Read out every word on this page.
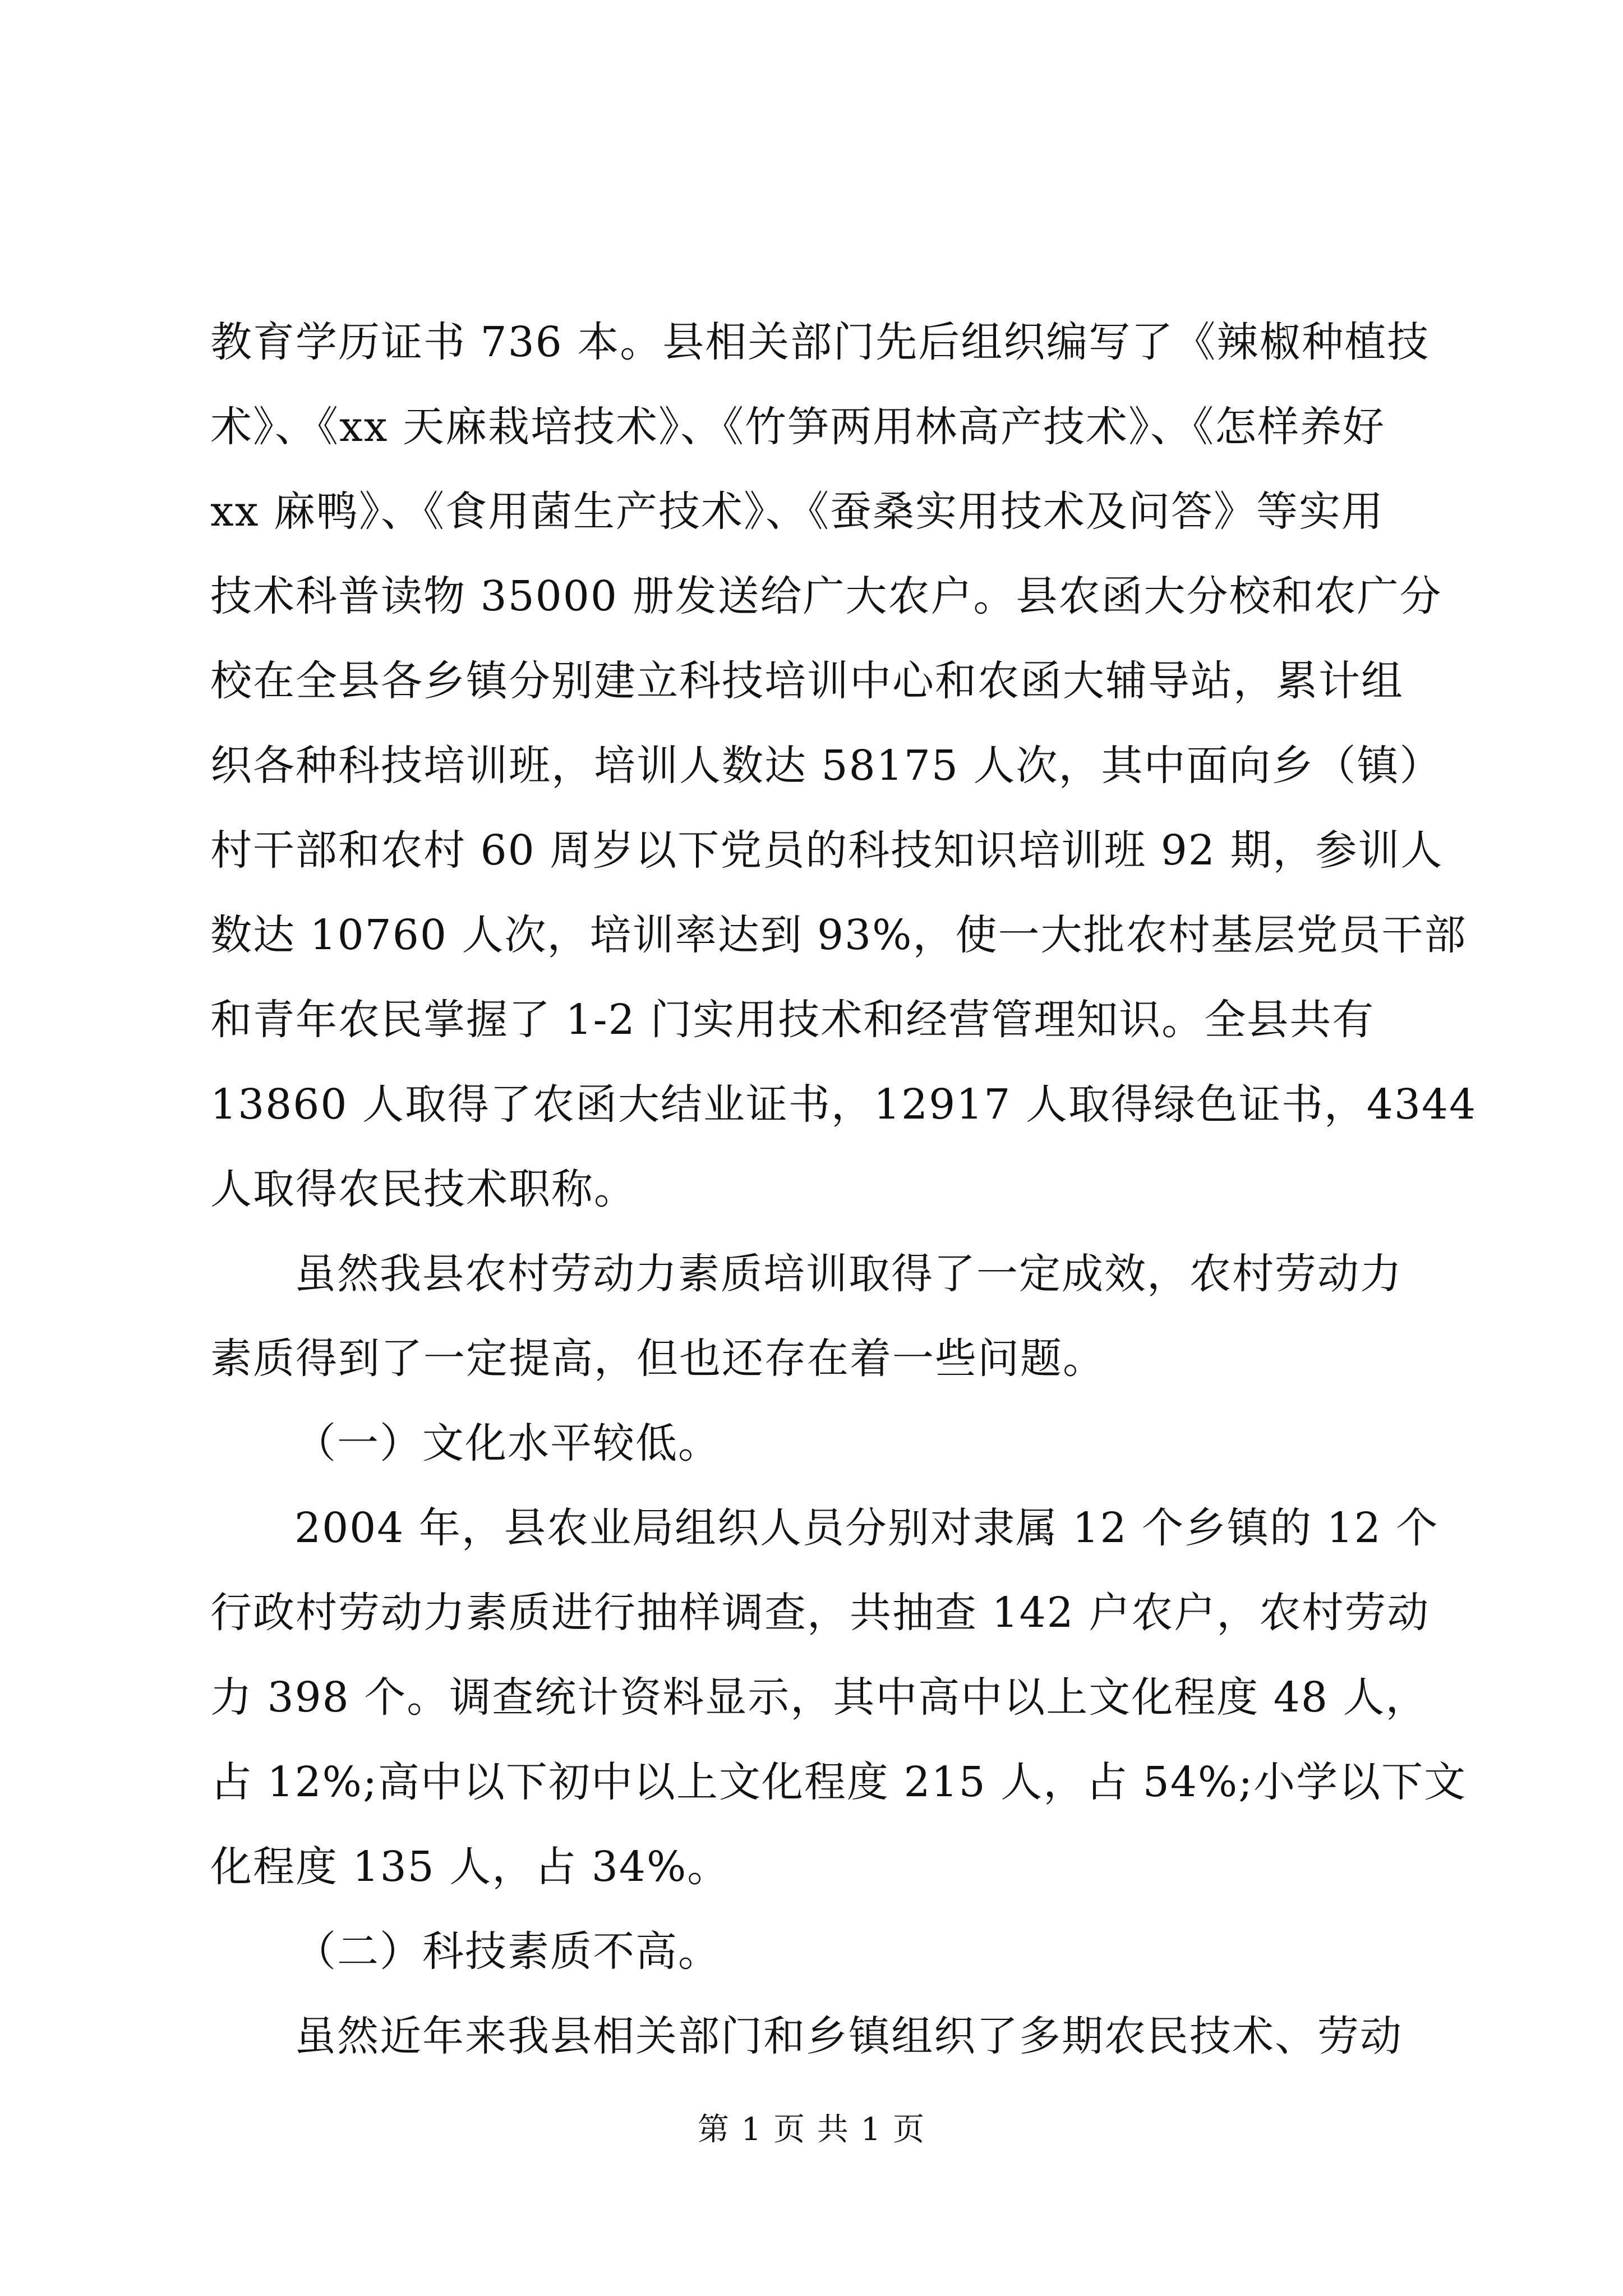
教育学历证书 736 本。县相关部门先后组织编写了《辣椒种植技
术》、《xx 天麻栽培技术》、《竹笋两用林高产技术》、《怎样养好
xx 麻鸭》、《食用菌生产技术》、《蚕桑实用技术及问答》等实用
技术科普读物 35000 册发送给广大农户。县农函大分校和农广分
校在全县各乡镇分别建立科技培训中心和农函大辅导站，累计组
织各种科技培训班，培训人数达 58175 人次，其中面向乡（镇）
村干部和农村 60 周岁以下党员的科技知识培训班 92 期，参训人
数达 10760 人次，培训率达到 93%，使一大批农村基层党员干部
和青年农民掌握了 1-2 门实用技术和经营管理知识。全县共有
13860 人取得了农函大结业证书，12917 人取得绿色证书，4344
人取得农民技术职称。
虽然我县农村劳动力素质培训取得了一定成效，农村劳动力
素质得到了一定提高，但也还存在着一些问题。
（一）文化水平较低。
2004 年，县农业局组织人员分别对隶属 12 个乡镇的 12 个
行政村劳动力素质进行抽样调查，共抽查 142 户农户，农村劳动
力 398 个。调查统计资料显示，其中高中以上文化程度 48 人，
占 12%;高中以下初中以上文化程度 215 人，占 54%;小学以下文
化程度 135 人，占 34%。
（二）科技素质不高。
虽然近年来我县相关部门和乡镇组织了多期农民技术、劳动
第 1 页 共 1 页
